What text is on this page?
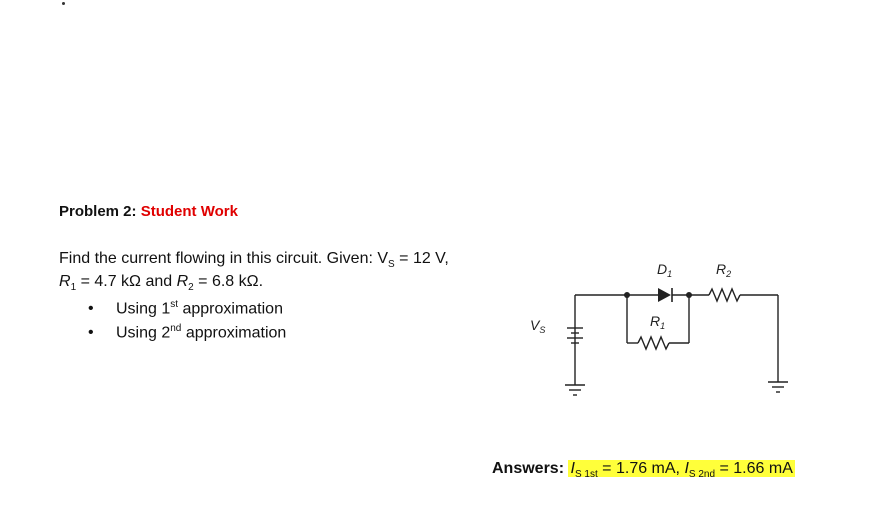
Problem 2: Student Work
Find the current flowing in this circuit. Given: $V_S = 12$ V,
$R_1 = 4.7$ kΩ and $R_2 = 6.8$ kΩ.
• Using 1st approximation
• Using 2nd approximation
$D_1$	$R_2$
$R_1$
$V_S$
Answers: $I_{S 1st} = 1.76$ mA, $I_{S 2nd} = 1.66$ mA
